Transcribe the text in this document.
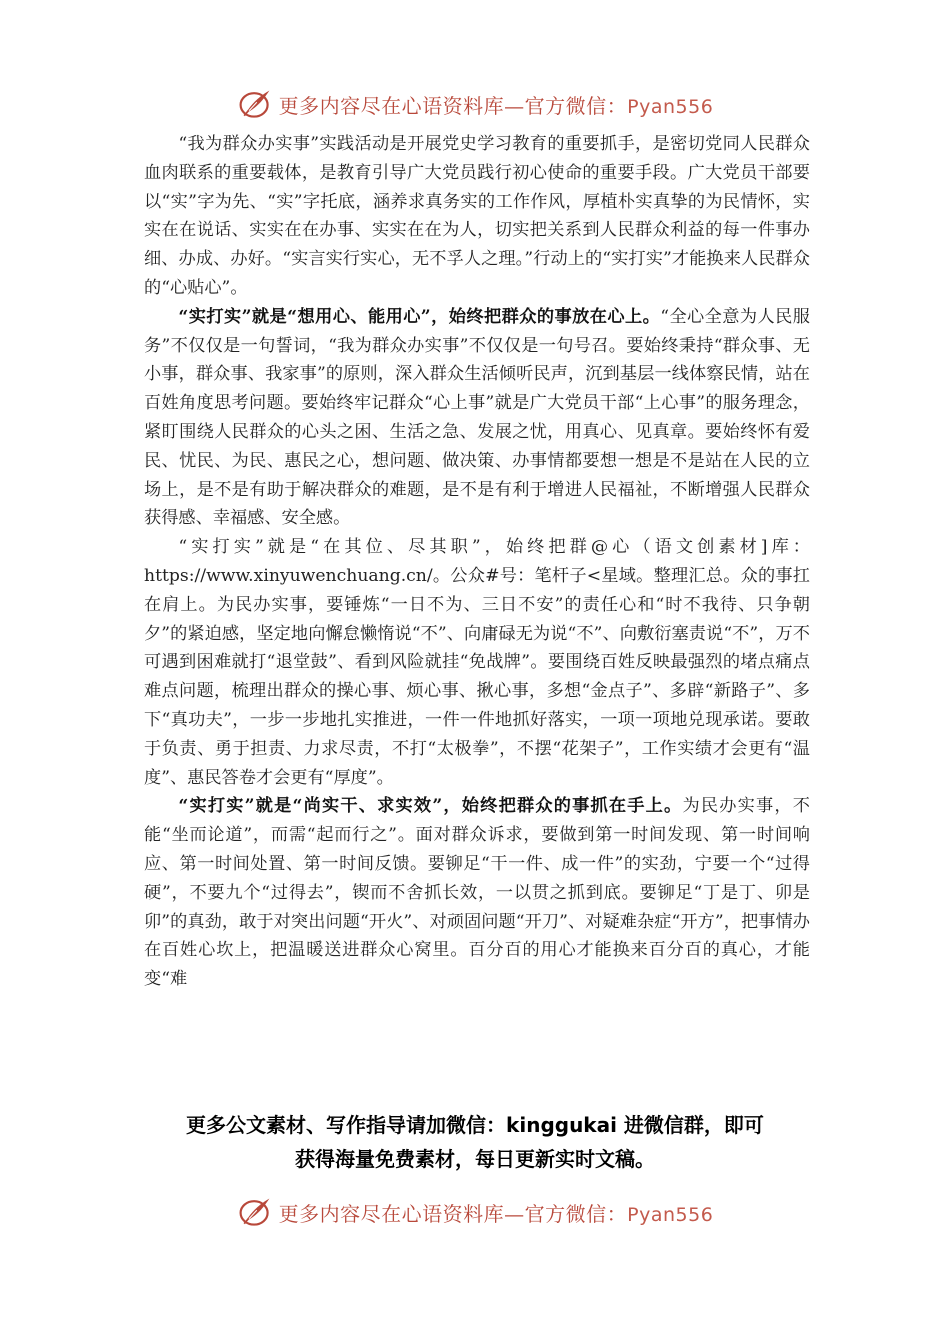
更多内容尽在心语资料库—官方微信：Pyan556

“我为群众办实事”实践活动是开展党史学习教育的重要抓手，是密切党同人民群众血肉联系的重要载体，是教育引导广大党员践行初心使命的重要手段。广大党员干部要以“实”字为先、“实”字托底，涵养求真务实的工作作风，厚植朴实真挚的为民情怀，实实在在说话、实实在在办事、实实在在为人，切实把关系到人民群众利益的每一件事办细、办成、办好。“实言实行实心，无不孚人之理。”行动上的“实打实”才能换来人民群众的“心贴心”。

“实打实”就是“想用心、能用心”，始终把群众的事放在心上。“全心全意为人民服务”不仅仅是一句誓词，“我为群众办实事”不仅仅是一句号召。要始终秉持“群众事、无小事，群众事、我家事”的原则，深入群众生活倾听民声，沉到基层一线体察民情，站在百姓角度思考问题。要始终牢记群众“心上事”就是广大党员干部“上心事”的服务理念，紧盯围绕人民群众的心头之困、生活之急、发展之忧，用真心、见真章。要始终怀有爱民、忧民、为民、惠民之心，想问题、做决策、办事情都要想一想是不是站在人民的立场上，是不是有助于解决群众的难题，是不是有利于增进人民福祉，不断增强人民群众获得感、幸福感、安全感。

“实打实”就是“在其位、尽其职”，始终把群@心（语文创素材]库：https://www.xinyuwenchuang.cn/。公众#号：笔杆子<星域。整理汇总。众的事扛在肩上。为民办实事，要锤炼“一日不为、三日不安”的责任心和“时不我待、只争朝夕”的紧迫感，坚定地向懈怠懒惰说“不”、向庸碌无为说“不”、向敷衍塞责说“不”，万不可遇到困难就打“退堂鼓”、看到风险就挂“免战牌”。要围绕百姓反映最强烈的堵点痛点难点问题，梳理出群众的操心事、烦心事、揪心事，多想“金点子”、多辟“新路子”、多下“真功夫”，一步一步地扎实推进，一件一件地抓好落实，一项一项地兑现承诺。要敢于负责、勇于担责、力求尽责，不打“太极拳”，不摆“花架子”，工作实绩才会更有“温度”、惠民答卷才会更有“厚度”。

“实打实”就是“尚实干、求实效”，始终把群众的事抓在手上。为民办实事，不能“坐而论道”，而需“起而行之”。面对群众诉求，要做到第一时间发现、第一时间响应、第一时间处置、第一时间反馈。要铆足“干一件、成一件”的实劲，宁要一个“过得硬”，不要九个“过得去”，锲而不舍抓长效，一以贯之抓到底。要铆足“丁是丁、卯是卯”的真劲，敢于对突出问题“开火”、对顽固问题“开刀”、对疑难杂症“开方”，把事情办在百姓心坎上，把温暖送进群众心窝里。百分百的用心才能换来百分百的真心，才能变“难

更多公文素材、写作指导请加微信：kinggukai 进微信群，即可
获得海量免费素材，每日更新实时文稿。
更多内容尽在心语资料库—官方微信：Pyan556
